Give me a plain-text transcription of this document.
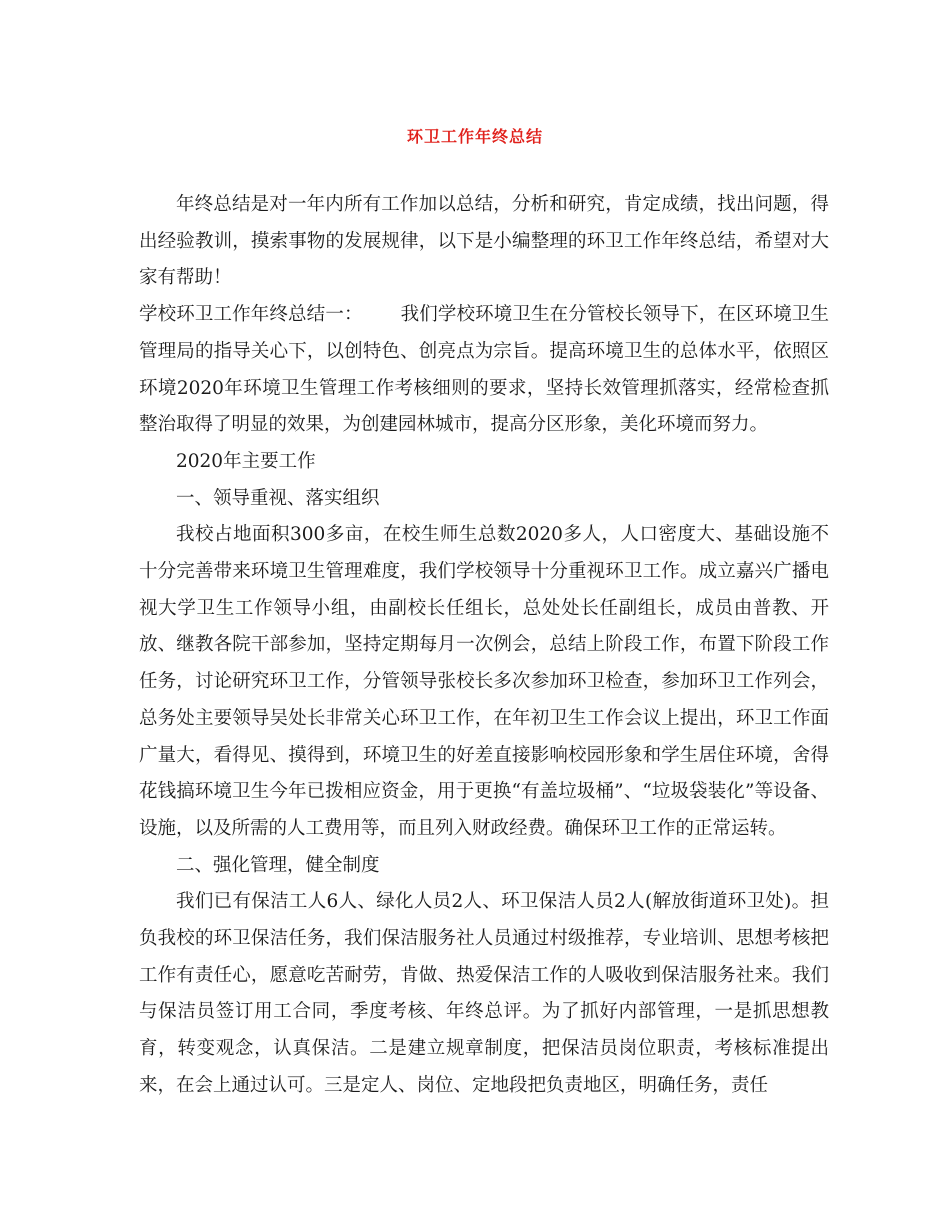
环卫工作年终总结

年终总结是对一年内所有工作加以总结，分析和研究，肯定成绩，找出问题，得出经验教训，摸索事物的发展规律，以下是小编整理的环卫工作年终总结，希望对大家有帮助！

学校环卫工作年终总结一： 我们学校环境卫生在分管校长领导下，在区环境卫生管理局的指导关心下，以创特色、创亮点为宗旨。提高环境卫生的总体水平，依照区环境2020年环境卫生管理工作考核细则的要求，坚持长效管理抓落实，经常检查抓整治取得了明显的效果，为创建园林城市，提高分区形象，美化环境而努力。

2020年主要工作

一、领导重视、落实组织

我校占地面积300多亩，在校生师生总数2020多人，人口密度大、基础设施不十分完善带来环境卫生管理难度，我们学校领导十分重视环卫工作。成立嘉兴广播电视大学卫生工作领导小组，由副校长任组长，总处处长任副组长，成员由普教、开放、继教各院干部参加，坚持定期每月一次例会，总结上阶段工作，布置下阶段工作任务，讨论研究环卫工作，分管领导张校长多次参加环卫检查，参加环卫工作列会，总务处主要领导吴处长非常关心环卫工作，在年初卫生工作会议上提出，环卫工作面广量大，看得见、摸得到，环境卫生的好差直接影响校园形象和学生居住环境，舍得花钱搞环境卫生今年已拨相应资金，用于更换“有盖垃圾桶”、“垃圾袋装化”等设备、设施，以及所需的人工费用等，而且列入财政经费。确保环卫工作的正常运转。

二、强化管理，健全制度

我们已有保洁工人6人、绿化人员2人、环卫保洁人员2人(解放街道环卫处)。担负我校的环卫保洁任务，我们保洁服务社人员通过村级推荐，专业培训、思想考核把工作有责任心，愿意吃苦耐劳，肯做、热爱保洁工作的人吸收到保洁服务社来。我们与保洁员签订用工合同，季度考核、年终总评。为了抓好内部管理，一是抓思想教育，转变观念，认真保洁。二是建立规章制度，把保洁员岗位职责，考核标准提出来，在会上通过认可。三是定人、岗位、定地段把负责地区，明确任务，责任
